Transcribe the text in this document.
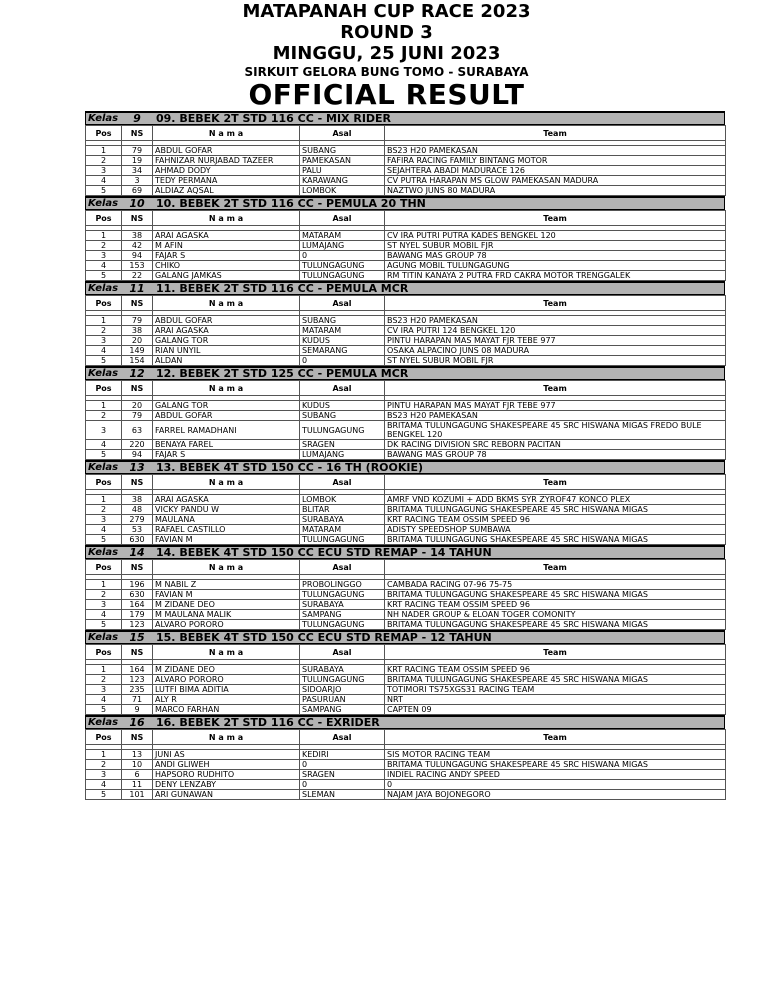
MATAPANAH CUP RACE 2023
ROUND 3
MINGGU, 25 JUNI 2023
SIRKUIT GELORA BUNG TOMO - SURABAYA
OFFICIAL RESULT
Kelas	9	09. BEBEK 2T STD 116 CC - MIX RIDER
Pos	NS	N a m a	Asal	Team

1	79	ABDUL GOFAR	SUBANG	BS23 H20 PAMEKASAN
2	19	FAHNIZAR NURJABAD TAZEER	PAMEKASAN	FAFIRA RACING FAMILY BINTANG MOTOR
3	34	AHMAD DODY	PALU	SEJAHTERA ABADI MADURACE 126
4	3	TEDY PERMANA	KARAWANG	CV PUTRA HARAPAN MS GLOW PAMEKASAN MADURA
5	69	ALDIAZ AQSAL	LOMBOK	NAZTWO JUNS 80 MADURA
Kelas	10	10. BEBEK 2T STD 116 CC - PEMULA 20 THN
Pos	NS	N a m a	Asal	Team

1	38	ARAI AGASKA	MATARAM	CV IRA PUTRI PUTRA KADES BENGKEL 120
2	42	M AFIN	LUMAJANG	ST NYEL SUBUR MOBIL FJR
3	94	FAJAR S	0	BAWANG MAS GROUP 78
4	153	CHIKO	TULUNGAGUNG	AGUNG MOBIL TULUNGAGUNG
5	22	GALANG JAMKAS	TULUNGAGUNG	RM TITIN KANAYA 2 PUTRA FRD CAKRA MOTOR TRENGGALEK
Kelas	11	11. BEBEK 2T STD 116 CC - PEMULA MCR
Pos	NS	N a m a	Asal	Team

1	79	ABDUL GOFAR	SUBANG	BS23 H20 PAMEKASAN
2	38	ARAI AGASKA	MATARAM	CV IRA PUTRI 124 BENGKEL 120
3	20	GALANG TOR	KUDUS	PINTU HARAPAN MAS MAYAT FJR TEBE 977
4	149	RIAN UNYIL	SEMARANG	OSAKA ALPACINO JUNS 08 MADURA
5	154	ALDAN	0	ST NYEL SUBUR MOBIL FJR
Kelas	12	12. BEBEK 2T STD 125 CC - PEMULA MCR
Pos	NS	N a m a	Asal	Team

1	20	GALANG TOR	KUDUS	PINTU HARAPAN MAS MAYAT FJR TEBE 977
2	79	ABDUL GOFAR	SUBANG	BS23 H20 PAMEKASAN
3	63	FARREL RAMADHANI	TULUNGAGUNG	BRITAMA TULUNGAGUNG SHAKESPEARE 45 SRC HISWANA MIGAS FREDO BULE BENGKEL 120
4	220	BENAYA FAREL	SRAGEN	DK RACING DIVISION SRC REBORN PACITAN
5	94	FAJAR S	LUMAJANG	BAWANG MAS GROUP 78
Kelas	13	13. BEBEK 4T STD 150 CC - 16 TH (ROOKIE)
Pos	NS	N a m a	Asal	Team

1	38	ARAI AGASKA	LOMBOK	AMRF VND KOZUMI + ADD BKMS SYR ZYROF47 KONCO PLEX
2	48	VICKY PANDU W	BLITAR	BRITAMA TULUNGAGUNG SHAKESPEARE 45 SRC HISWANA MIGAS
3	279	MAULANA	SURABAYA	KRT RACING TEAM OSSIM SPEED 96
4	53	RAFAEL CASTILLO	MATARAM	ADISTY SPEEDSHOP SUMBAWA
5	630	FAVIAN M	TULUNGAGUNG	BRITAMA TULUNGAGUNG SHAKESPEARE 45 SRC HISWANA MIGAS
Kelas	14	14. BEBEK 4T STD 150 CC ECU STD REMAP - 14 TAHUN
Pos	NS	N a m a	Asal	Team

1	196	M NABIL Z	PROBOLINGGO	CAMBADA RACING 07-96 75-75
2	630	FAVIAN M	TULUNGAGUNG	BRITAMA TULUNGAGUNG SHAKESPEARE 45 SRC HISWANA MIGAS
3	164	M ZIDANE DEO	SURABAYA	KRT RACING TEAM OSSIM SPEED 96
4	179	M MAULANA MALIK	SAMPANG	NH NADER GROUP & ELOAN TOGER COMONITY
5	123	ALVARO PORORO	TULUNGAGUNG	BRITAMA TULUNGAGUNG SHAKESPEARE 45 SRC HISWANA MIGAS
Kelas	15	15. BEBEK 4T STD 150 CC ECU STD REMAP - 12 TAHUN
Pos	NS	N a m a	Asal	Team

1	164	M ZIDANE DEO	SURABAYA	KRT RACING TEAM OSSIM SPEED 96
2	123	ALVARO PORORO	TULUNGAGUNG	BRITAMA TULUNGAGUNG SHAKESPEARE 45 SRC HISWANA MIGAS
3	235	LUTFI BIMA ADITIA	SIDOARJO	TOTIMORI TS75XGS31 RACING TEAM
4	71	ALY R	PASURUAN	NRT
5	9	MARCO FARHAN	SAMPANG	CAPTEN 09
Kelas	16	16. BEBEK 2T STD 116 CC - EXRIDER
Pos	NS	N a m a	Asal	Team

1	13	JUNI AS	KEDIRI	SIS MOTOR RACING TEAM
2	10	ANDI GLIWEH	0	BRITAMA TULUNGAGUNG SHAKESPEARE 45 SRC HISWANA MIGAS
3	6	HAPSORO RUDHITO	SRAGEN	INDIEL RACING ANDY SPEED
4	11	DENY LENZABY	0	0
5	101	ARI GUNAWAN	SLEMAN	NAJAM JAYA BOJONEGORO
